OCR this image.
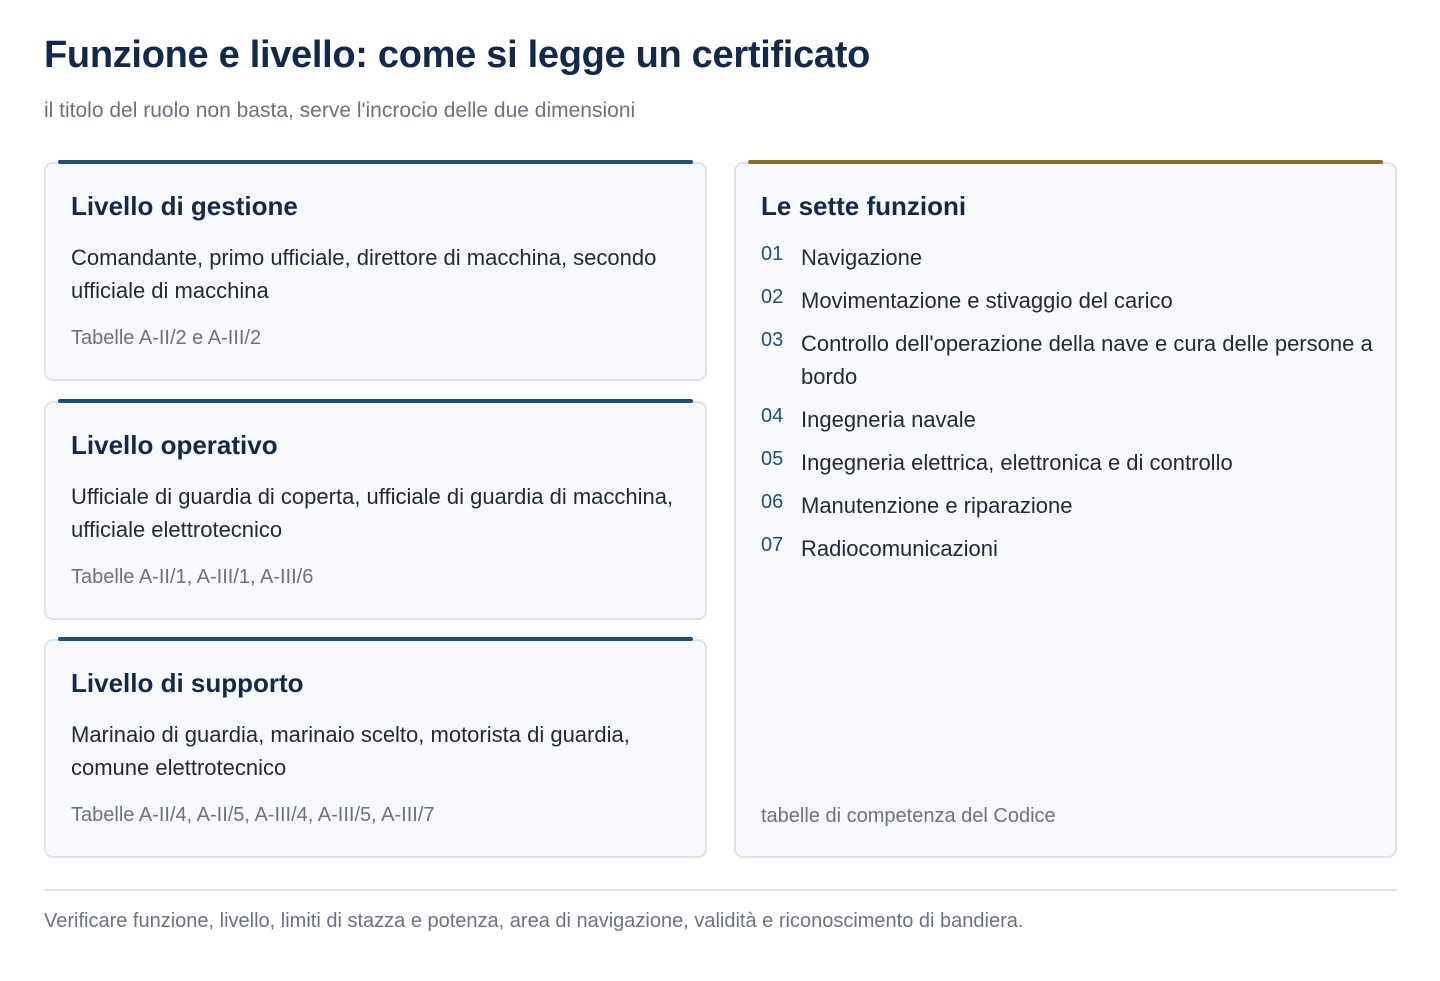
Funzione e livello: come si legge un certificato

il titolo del ruolo non basta, serve l'incrocio delle due dimensioni

Livello di gestione

Comandante, primo ufficiale, direttore di macchina, secondo ufficiale di macchina

Tabelle A-II/2 e A-III/2

Livello operativo

Ufficiale di guardia di coperta, ufficiale di guardia di macchina, ufficiale elettrotecnico

Tabelle A-II/1, A-III/1, A-III/6

Livello di supporto

Marinaio di guardia, marinaio scelto, motorista di guardia, comune elettrotecnico

Tabelle A-II/4, A-II/5, A-III/4, A-III/5, A-III/7

Le sette funzioni
01 Navigazione
02 Movimentazione e stivaggio del carico
03 Controllo dell'operazione della nave e cura delle persone a bordo
04 Ingegneria navale
05 Ingegneria elettrica, elettronica e di controllo
06 Manutenzione e riparazione
07 Radiocomunicazioni

tabelle di competenza del Codice

Verificare funzione, livello, limiti di stazza e potenza, area di navigazione, validità e riconoscimento di bandiera.
